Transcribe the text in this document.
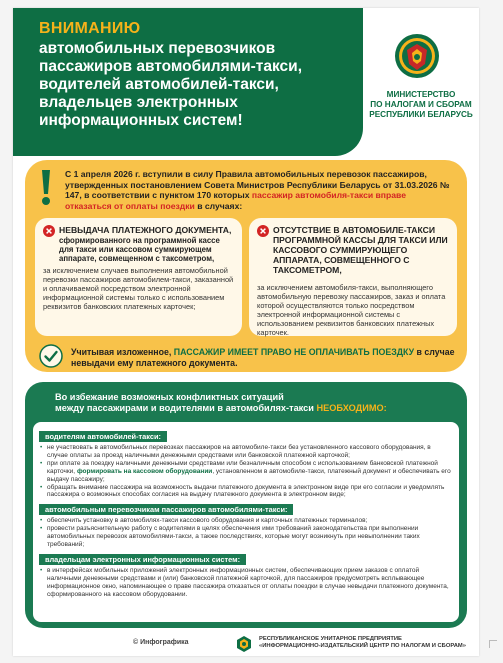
ВНИМАНИЮ
автомобильных перевозчиков
пассажиров автомобилями-такси,
водителей автомобилей-такси,
владельцев электронных
информационных систем!
МИНИСТЕРСТВО
ПО НАЛОГАМ И СБОРАМ
РЕСПУБЛИКИ БЕЛАРУСЬ
С 1 апреля 2026 г. вступили в силу Правила автомобильных перевозок пассажиров, утвержденных постановлением Совета Министров Республики Беларусь от 31.03.2026 № 147, в соответствии с пунктом 170 которых пассажир автомобиля-такси вправе отказаться от оплаты поездки в случаях:
НЕВЫДАЧА ПЛАТЕЖНОГО ДОКУМЕНТА,
сформированного на программной кассе для такси или кассовом суммирующем аппарате, совмещенном с таксометром,
за исключением случаев выполнения автомобильной перевозки пассажиров автомобилем-такси, заказанной и оплачиваемой посредством электронной информационной системы только с использованием реквизитов банковских платежных карточек;
ОТСУТСТВИЕ В АВТОМОБИЛЕ-ТАКСИ ПРОГРАММНОЙ КАССЫ ДЛЯ ТАКСИ ИЛИ КАССОВОГО СУММИРУЮЩЕГО АППАРАТА, СОВМЕЩЕННОГО С ТАКСОМЕТРОМ,
за исключением автомобиля-такси, выполняющего автомобильную перевозку пассажиров, заказ и оплата которой осуществляются только посредством электронной информационной системы с использованием реквизитов банковских платежных карточек.
Учитывая изложенное, ПАССАЖИР ИМЕЕТ ПРАВО НЕ ОПЛАЧИВАТЬ ПОЕЗДКУ в случае невыдачи ему платежного документа.
Во избежание возможных конфликтных ситуаций
между пассажирами и водителями в автомобилях-такси НЕОБХОДИМО:
водителям автомобилей-такси:
• не участвовать в автомобильных перевозках пассажиров на автомобиле-такси без установленного кассового оборудования, в случае оплаты за проезд наличными денежными средствами или банковской платежной карточкой;
• при оплате за поездку наличными денежными средствами или безналичным способом с использованием банковской платежной карточки, формировать на кассовом оборудовании, установленном в автомобиле-такси, платежный документ и обеспечивать его выдачу пассажиру;
• обращать внимание пассажира на возможность выдачи платежного документа в электронном виде при его согласии и уведомлять пассажира о возможных способах согласия на выдачу платежного документа в электронном виде;
автомобильным перевозчикам пассажиров автомобилями-такси:
• обеспечить установку в автомобилях-такси кассового оборудования и карточных платежных терминалов;
• провести разъяснительную работу с водителями в целях обеспечения ими требований законодательства при выполнении автомобильных перевозок автомобилями-такси, а также последствиях, которые могут возникнуть при невыполнении таких требований;
владельцам электронных информационных систем:
• в интерфейсах мобильных приложений электронных информационных систем, обеспечивающих прием заказов с оплатой наличными денежными средствами и (или) банковской платежной карточкой, для пассажиров предусмотреть всплывающее информационное окно, напоминающее о праве пассажира отказаться от оплаты поездки в случае невыдачи платежного документа, сформированного на кассовом оборудовании.
© Инфографика	РЕСПУБЛИКАНСКОЕ УНИТАРНОЕ ПРЕДПРИЯТИЕ
«ИНФОРМАЦИОННО-ИЗДАТЕЛЬСКИЙ ЦЕНТР ПО НАЛОГАМ И СБОРАМ»
